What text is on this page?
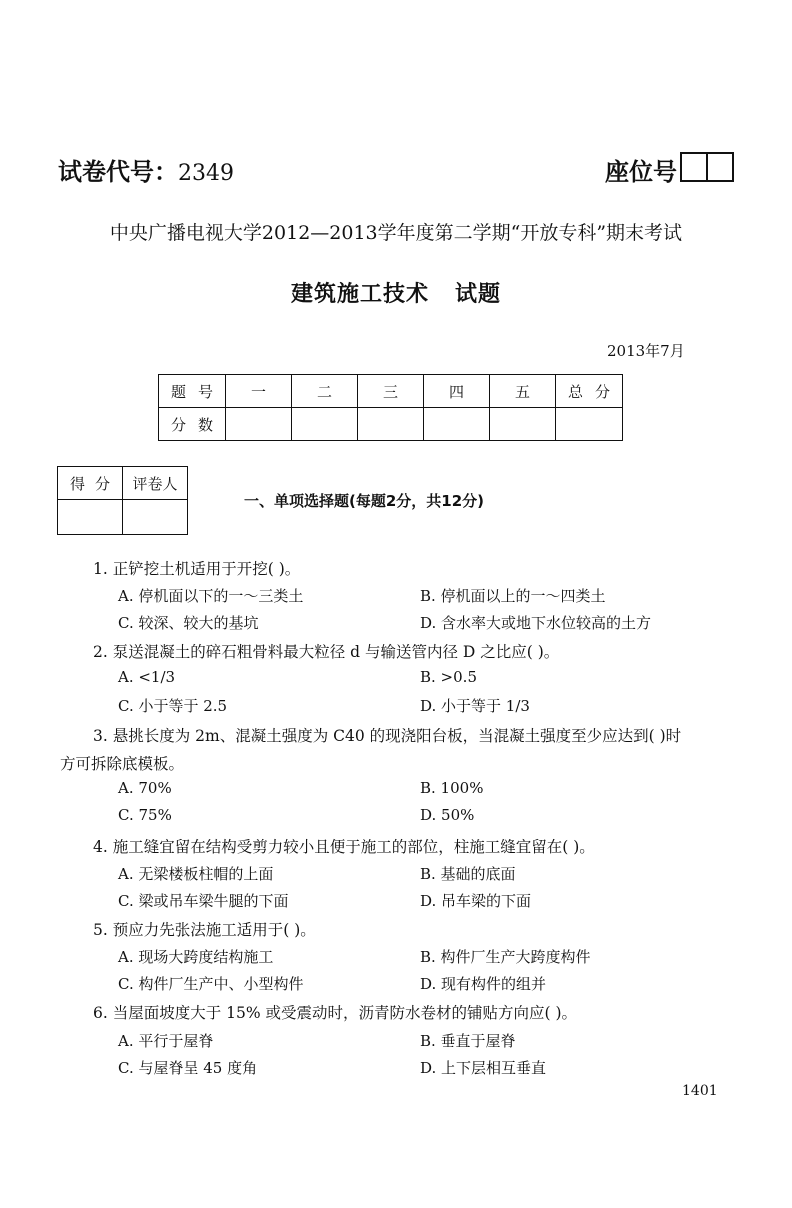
试卷代号：2349	座位号
中央广播电视大学2012—2013学年度第二学期“开放专科”期末考试
建筑施工技术   试题
2013年7月
题号	一	二	三	四	五	总分
分数						
得分	评卷人

一、单项选择题(每题2分，共12分)
1. 正铲挖土机适用于开挖( )。
A. 停机面以下的一～三类土	B. 停机面以上的一～四类土
C. 较深、较大的基坑	D. 含水率大或地下水位较高的土方
2. 泵送混凝土的碎石粗骨料最大粒径 d 与输送管内径 D 之比应( )。
A. <1/3	B. >0.5
C. 小于等于 2.5	D. 小于等于 1/3
3. 悬挑长度为 2m、混凝土强度为 C40 的现浇阳台板，当混凝土强度至少应达到( )时
方可拆除底模板。
A. 70%	B. 100%
C. 75%	D. 50%
4. 施工缝宜留在结构受剪力较小且便于施工的部位，柱施工缝宜留在( )。
A. 无梁楼板柱帽的上面	B. 基础的底面
C. 梁或吊车梁牛腿的下面	D. 吊车梁的下面
5. 预应力先张法施工适用于( )。
A. 现场大跨度结构施工	B. 构件厂生产大跨度构件
C. 构件厂生产中、小型构件	D. 现有构件的组并
6. 当屋面坡度大于 15% 或受震动时，沥青防水卷材的铺贴方向应( )。
A. 平行于屋脊	B. 垂直于屋脊
C. 与屋脊呈 45 度角	D. 上下层相互垂直
1401
